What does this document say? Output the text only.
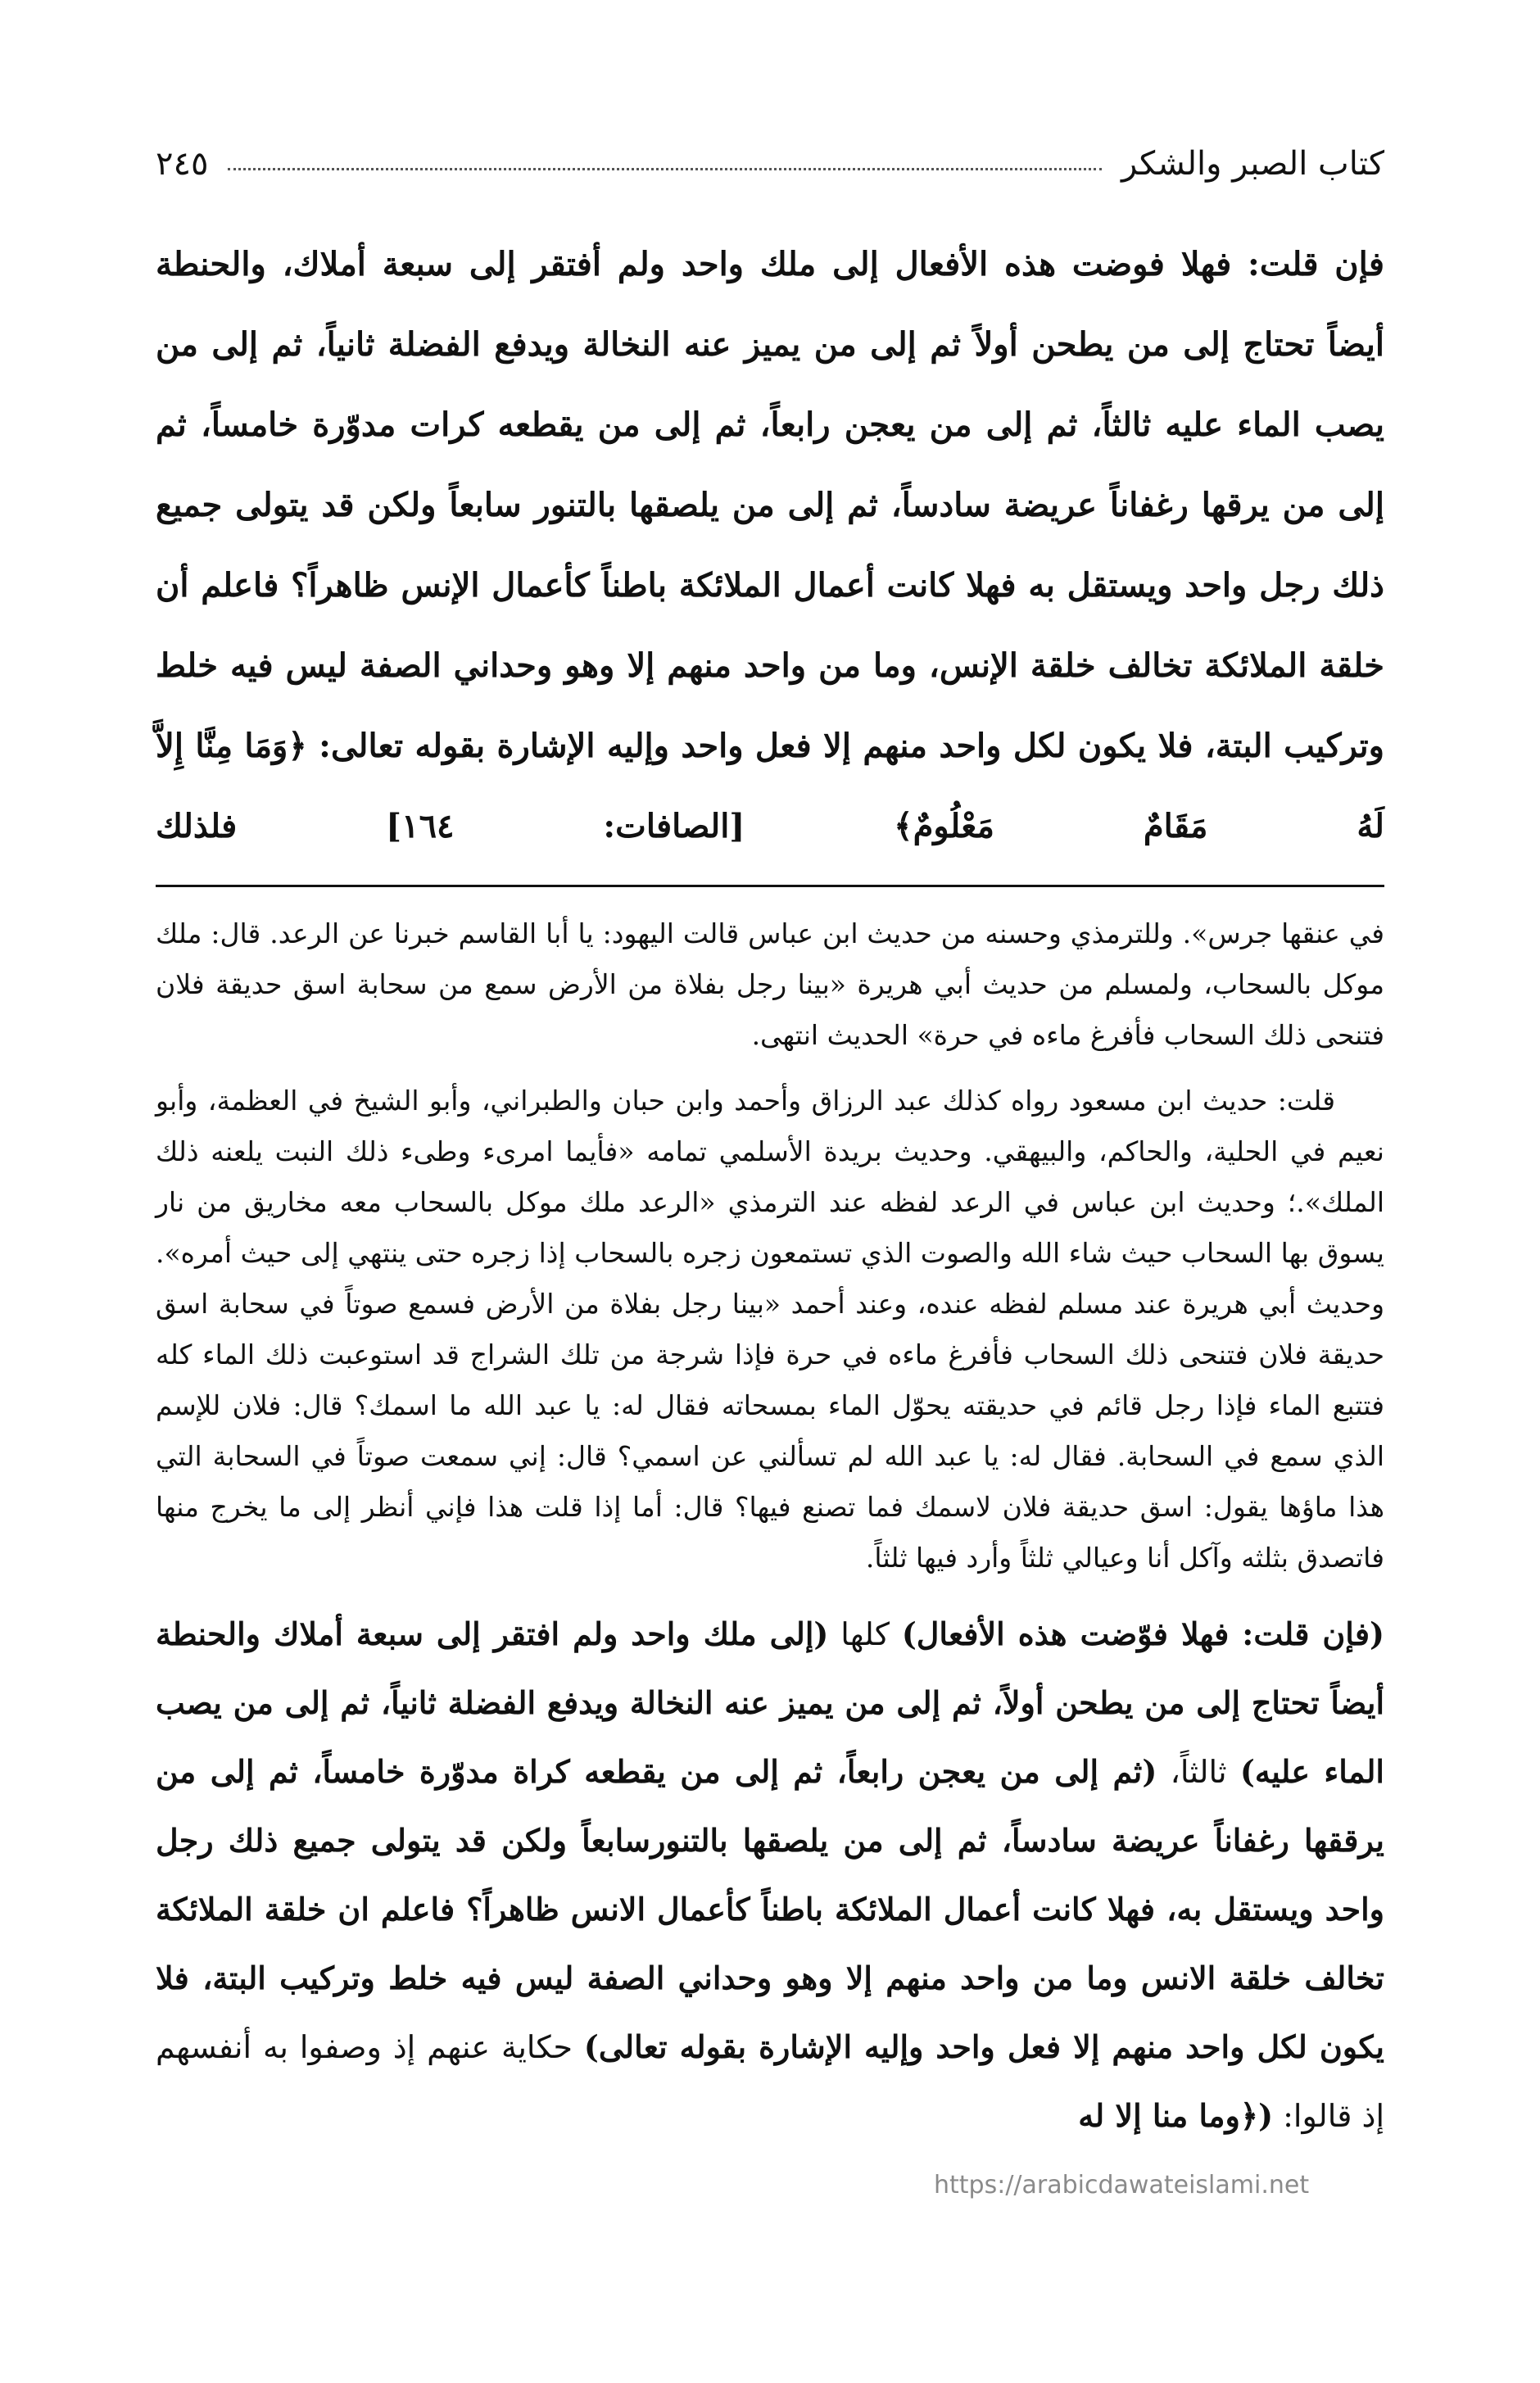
كتاب الصبر والشكر
٢٤٥

فإن قلت: فهلا فوضت هذه الأفعال إلى ملك واحد ولم أفتقر إلى سبعة أملاك، والحنطة أيضاً تحتاج إلى من يطحن أولاً ثم إلى من يميز عنه النخالة ويدفع الفضلة ثانياً، ثم إلى من يصب الماء عليه ثالثاً، ثم إلى من يعجن رابعاً، ثم إلى من يقطعه كرات مدوّرة خامساً، ثم إلى من يرقها رغفاناً عريضة سادساً، ثم إلى من يلصقها بالتنور سابعاً ولكن قد يتولى جميع ذلك رجل واحد ويستقل به فهلا كانت أعمال الملائكة باطناً كأعمال الإنس ظاهراً؟ فاعلم أن خلقة الملائكة تخالف خلقة الإنس، وما من واحد منهم إلا وهو وحداني الصفة ليس فيه خلط وتركيب البتة، فلا يكون لكل واحد منهم إلا فعل واحد وإليه الإشارة بقوله تعالى: ﴿وَمَا مِنَّا إِلاَّ لَهُ مَقَامٌ مَعْلُومٌ﴾ [الصافات: ١٦٤] فلذلك

في عنقها جرس». وللترمذي وحسنه من حديث ابن عباس قالت اليهود: يا أبا القاسم خبرنا عن الرعد. قال: ملك موكل بالسحاب، ولمسلم من حديث أبي هريرة «بينا رجل بفلاة من الأرض سمع من سحابة اسق حديقة فلان فتنحى ذلك السحاب فأفرغ ماءه في حرة» الحديث انتهى.

قلت: حديث ابن مسعود رواه كذلك عبد الرزاق وأحمد وابن حبان والطبراني، وأبو الشيخ في العظمة، وأبو نعيم في الحلية، والحاكم، والبيهقي. وحديث بريدة الأسلمي تمامه «فأيما امرىء وطىء ذلك النبت يلعنه ذلك الملك».؛ وحديث ابن عباس في الرعد لفظه عند الترمذي «الرعد ملك موكل بالسحاب معه مخاريق من نار يسوق بها السحاب حيث شاء الله والصوت الذي تستمعون زجره بالسحاب إذا زجره حتى ينتهي إلى حيث أمره». وحديث أبي هريرة عند مسلم لفظه عنده، وعند أحمد «بينا رجل بفلاة من الأرض فسمع صوتاً في سحابة اسق حديقة فلان فتنحى ذلك السحاب فأفرغ ماءه في حرة فإذا شرجة من تلك الشراج قد استوعبت ذلك الماء كله فتتبع الماء فإذا رجل قائم في حديقته يحوّل الماء بمسحاته فقال له: يا عبد الله ما اسمك؟ قال: فلان للإسم الذي سمع في السحابة. فقال له: يا عبد الله لم تسألني عن اسمي؟ قال: إني سمعت صوتاً في السحابة التي هذا ماؤها يقول: اسق حديقة فلان لاسمك فما تصنع فيها؟ قال: أما إذا قلت هذا فإني أنظر إلى ما يخرج منها فاتصدق بثلثه وآكل أنا وعيالي ثلثاً وأرد فيها ثلثاً.

(فإن قلت: فهلا فوّضت هذه الأفعال) كلها (إلى ملك واحد ولم افتقر إلى سبعة أملاك والحنطة أيضاً تحتاج إلى من يطحن أولاً، ثم إلى من يميز عنه النخالة ويدفع الفضلة ثانياً، ثم إلى من يصب الماء عليه) ثالثاً، (ثم إلى من يعجن رابعاً، ثم إلى من يقطعه كراة مدوّرة خامساً، ثم إلى من يرققها رغفاناً عريضة سادساً، ثم إلى من يلصقها بالتنورسابعاً ولكن قد يتولى جميع ذلك رجل واحد ويستقل به، فهلا كانت أعمال الملائكة باطناً كأعمال الانس ظاهراً؟ فاعلم ان خلقة الملائكة تخالف خلقة الانس وما من واحد منهم إلا وهو وحداني الصفة ليس فيه خلط وتركيب البتة، فلا يكون لكل واحد منهم إلا فعل واحد وإليه الإشارة بقوله تعالى) حكاية عنهم إذ وصفوا به أنفسهم إذ قالوا: (﴿وما منا إلا له
https://arabicdawateislami.net
